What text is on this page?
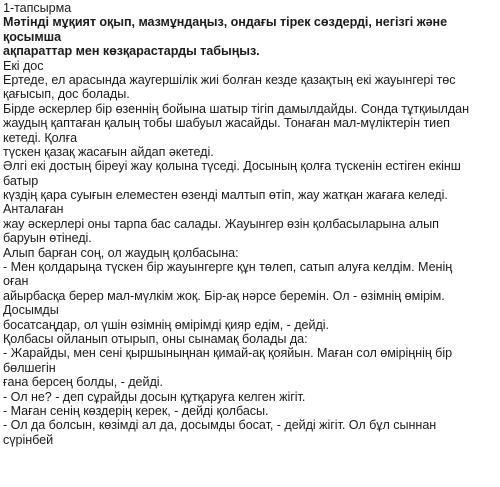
1-тапсырма
Мәтінді мұқият оқып, мазмұндаңыз, ондағы тірек сөздерді, негізгі және
қосымша
ақпараттар мен көзқарастарды табыңыз.
Екі дос
Ертеде, ел арасында жаугершілік жиі болған кезде қазақтың екі жауынгері төс
қағысып, дос болады.
Бірде әскерлер бір өзеннің бойына шатыр тігіп дамылдайды. Сонда тұтқиылдан
жаудың қаптаған қалың тобы шабуыл жасайды. Тонаған мал-мүліктерін тиеп
кетеді. Қолға
түскен қазақ жасағын айдап әкетеді.
Әлгі екі достың біреуі жау қолына түседі. Досының қолға түскенін естіген екінш
батыр
күздің қара суығын елеместен өзенді малтып өтіп, жау жатқан жағаға келеді.
Анталаған
жау әскерлері оны тарпа бас салады. Жауынгер өзін қолбасыларына алып
баруын өтінеді.
Алып барған соң, ол жаудың қолбасына:
- Мен қолдарыңа түскен бір жауынгерге құн төлеп, сатып алуға келдім. Менің
оған
айырбасқа берер мал-мүлкім жоқ. Бір-ақ нәрсе беремін. Ол - өзімнің өмірім.
Досымды
босатсаңдар, ол үшін өзімнің өмірімді қияр едім, - дейді.
Қолбасы ойланып отырып, оны сынамақ болады да:
- Жарайды, мен сені қыршыныңнан қимай-ақ қояйын. Маған сол өміріңнің бір
бөлшегін
ғана берсең болды, - дейді.
- Ол не? - деп сұрайды досын құтқаруға келген жігіт.
- Маған сенің көздерің керек, - дейді қолбасы.
- Ол да болсын, көзімді ал да, досымды босат, - дейді жігіт. Ол бұл сыннан
сүрінбей
